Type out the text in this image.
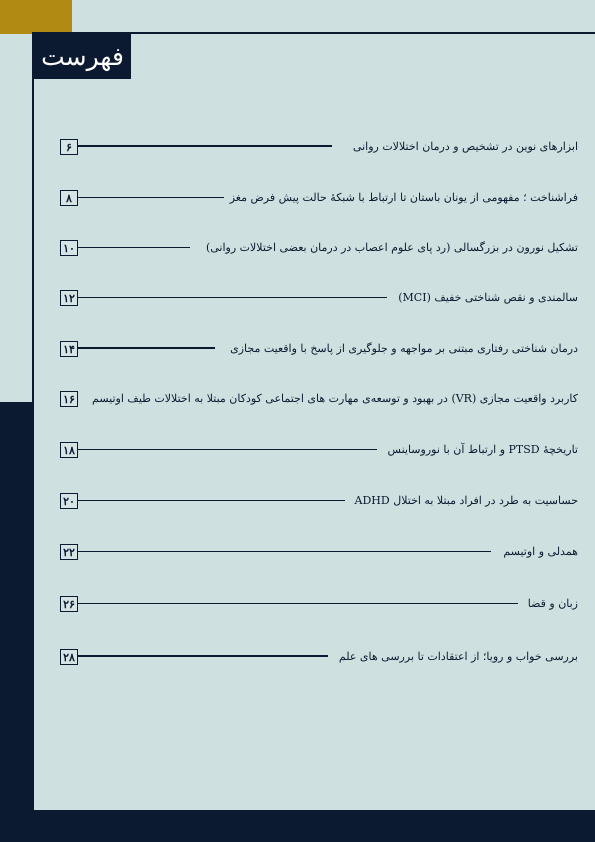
فهرست
۶	ابزارهای نوین در تشخیص و درمان اختلالات روانی
۸	فراشناخت ؛ مفهومی از یونان باستان تا ارتباط با شبکۀ حالت پیش فرض مغز
۱۰	تشکیل نورون در بزرگسالی (رد پای علوم اعصاب در درمان بعضی اختلالات روانی)
۱۲	سالمندی و نقص شناختی خفیف (MCI)
۱۴	درمان شناختی رفتاری مبتنی بر مواجهه و جلوگیری از پاسخ با واقعیت مجازی
۱۶ کاربرد واقعیت مجازی (VR) در بهبود و توسعه‌ی مهارت های اجتماعی کودکان مبتلا به اختلالات طیف اوتیسم
۱۸	تاریخچۀ PTSD و ارتباط آن با نوروساینس
۲۰	حساسیت به طرد در افراد مبتلا به اختلال ADHD
۲۲	همدلی و اوتیسم
۲۶	زبان و قضا
۲۸	بررسی خواب و رویا؛ از اعتقادات تا بررسی های علم
